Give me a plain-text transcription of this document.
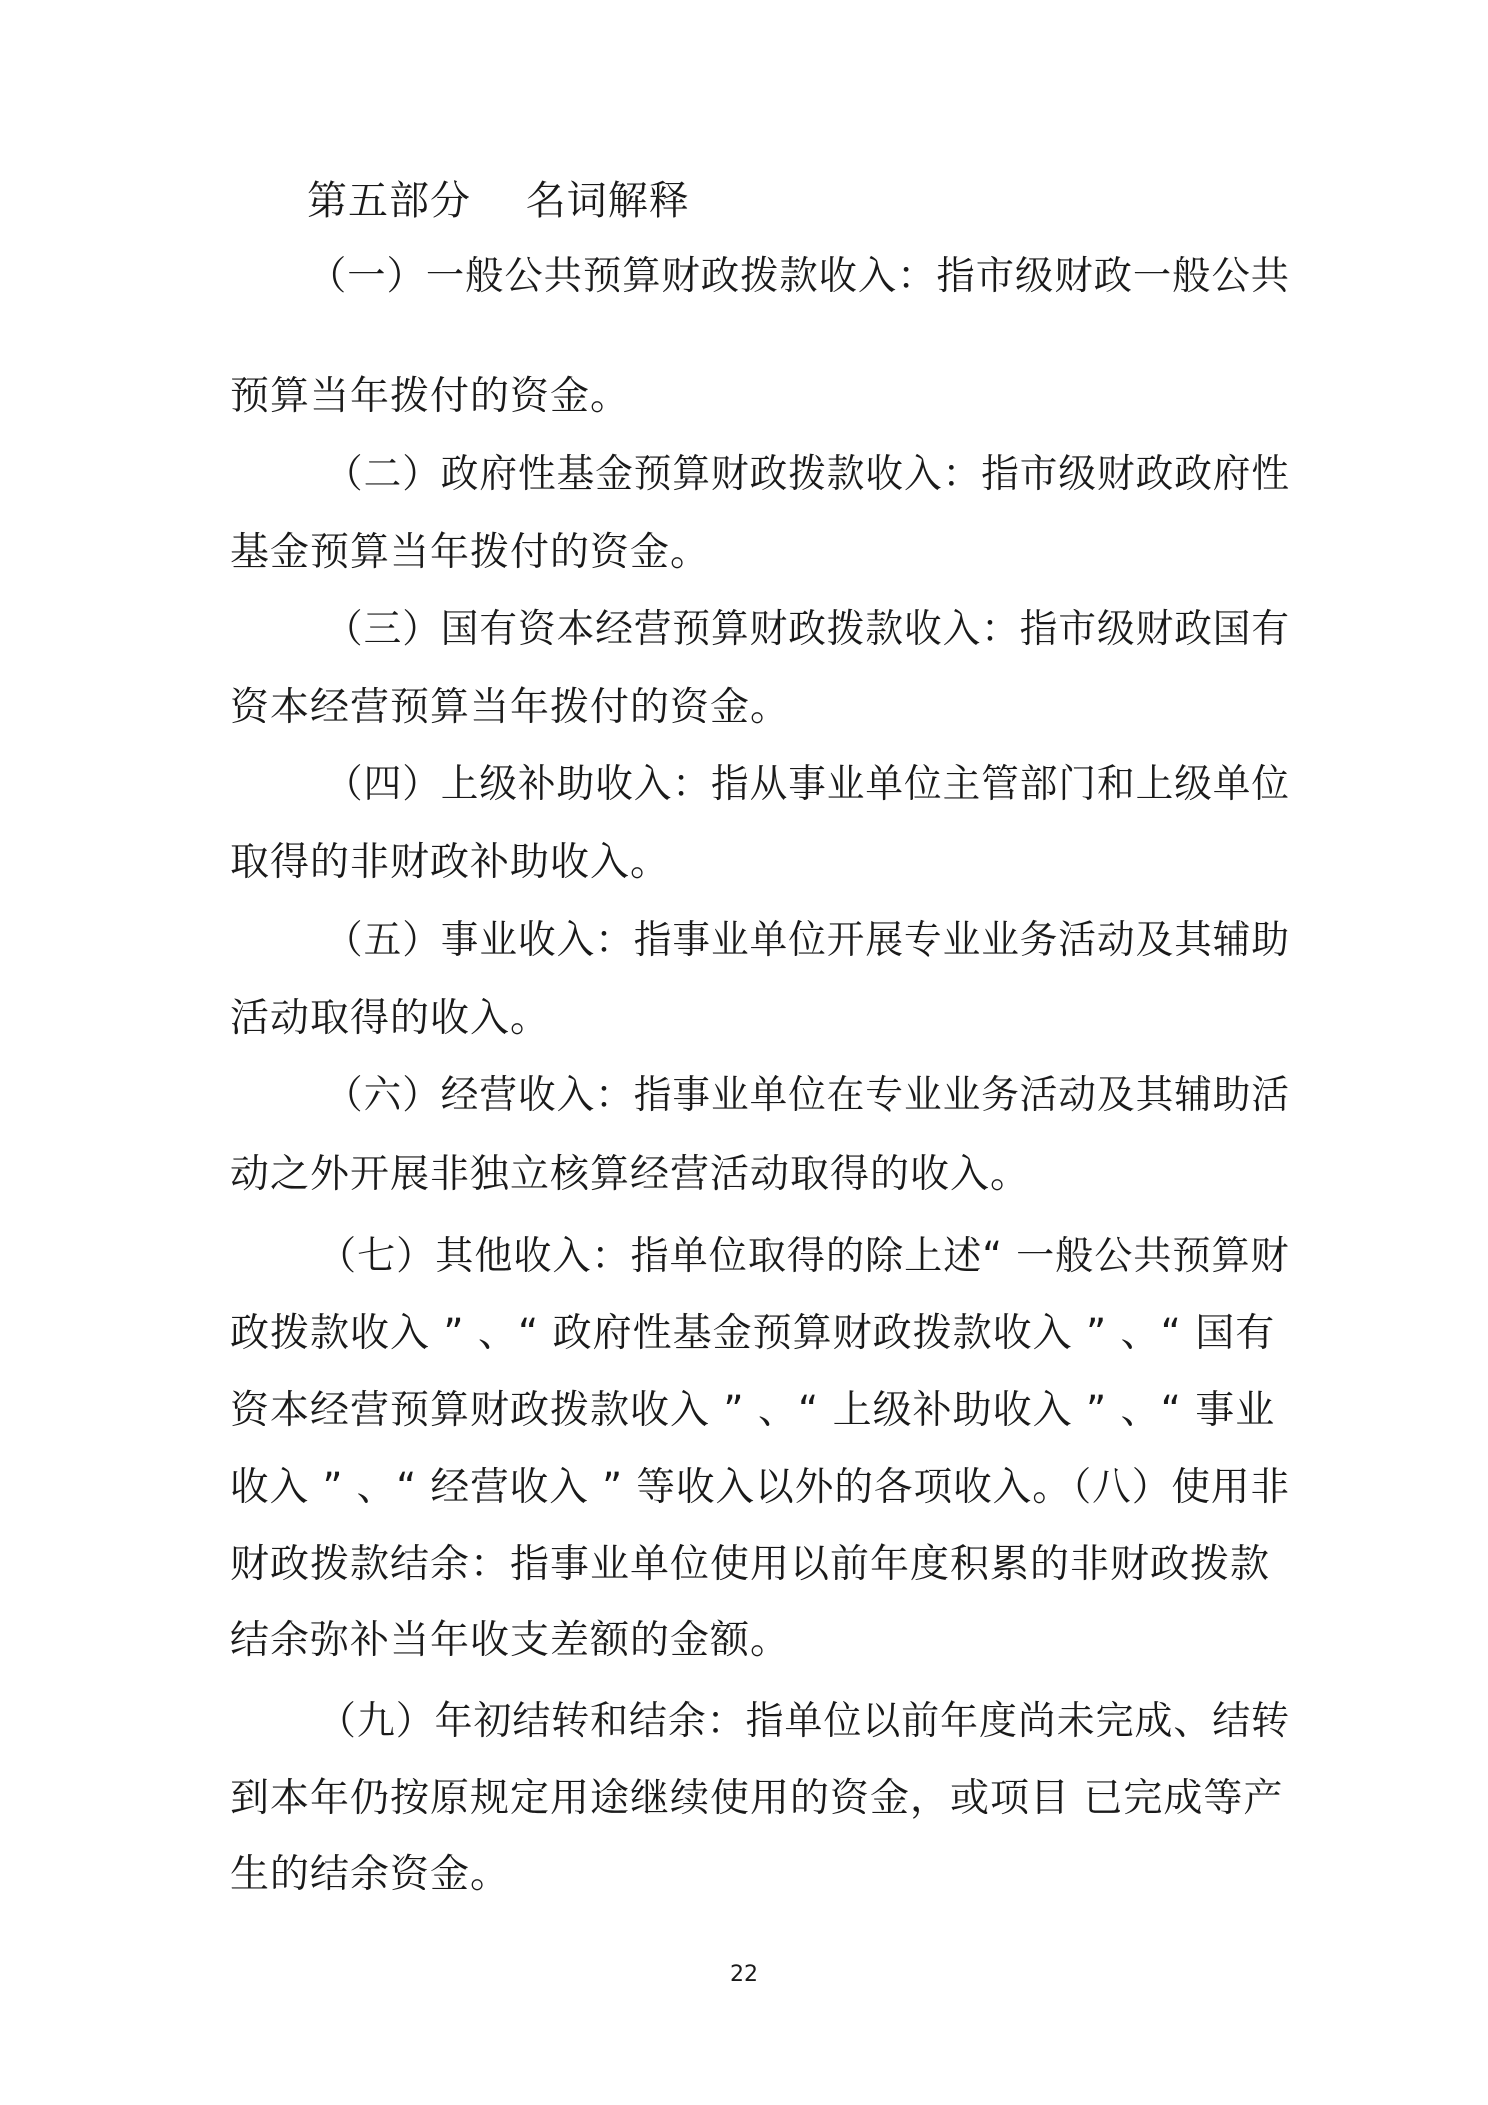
第五部分　 名词解释
（一）一般公共预算财政拨款收入：指市级财政一般公共
预算当年拨付的资金。
（二）政府性基金预算财政拨款收入：指市级财政政府性
基金预算当年拨付的资金。
（三）国有资本经营预算财政拨款收入：指市级财政国有
资本经营预算当年拨付的资金。
（四）上级补助收入：指从事业单位主管部门和上级单位
取得的非财政补助收入。
（五）事业收入：指事业单位开展专业业务活动及其辅助
活动取得的收入。
（六）经营收入：指事业单位在专业业务活动及其辅助活
动之外开展非独立核算经营活动取得的收入。
（七）其他收入：指单位取得的除上述“ 一般公共预算财
政拨款收入 ” 、“ 政府性基金预算财政拨款收入 ” 、“ 国有
资本经营预算财政拨款收入 ” 、“ 上级补助收入 ” 、“ 事业
收入 ” 、“ 经营收入 ” 等收入以外的各项收入。（八）使用非
财政拨款结余：指事业单位使用以前年度积累的非财政拨款
结余弥补当年收支差额的金额。
（九）年初结转和结余：指单位以前年度尚未完成、结转
到本年仍按原规定用途继续使用的资金，或项目 已完成等产
生的结余资金。
22
